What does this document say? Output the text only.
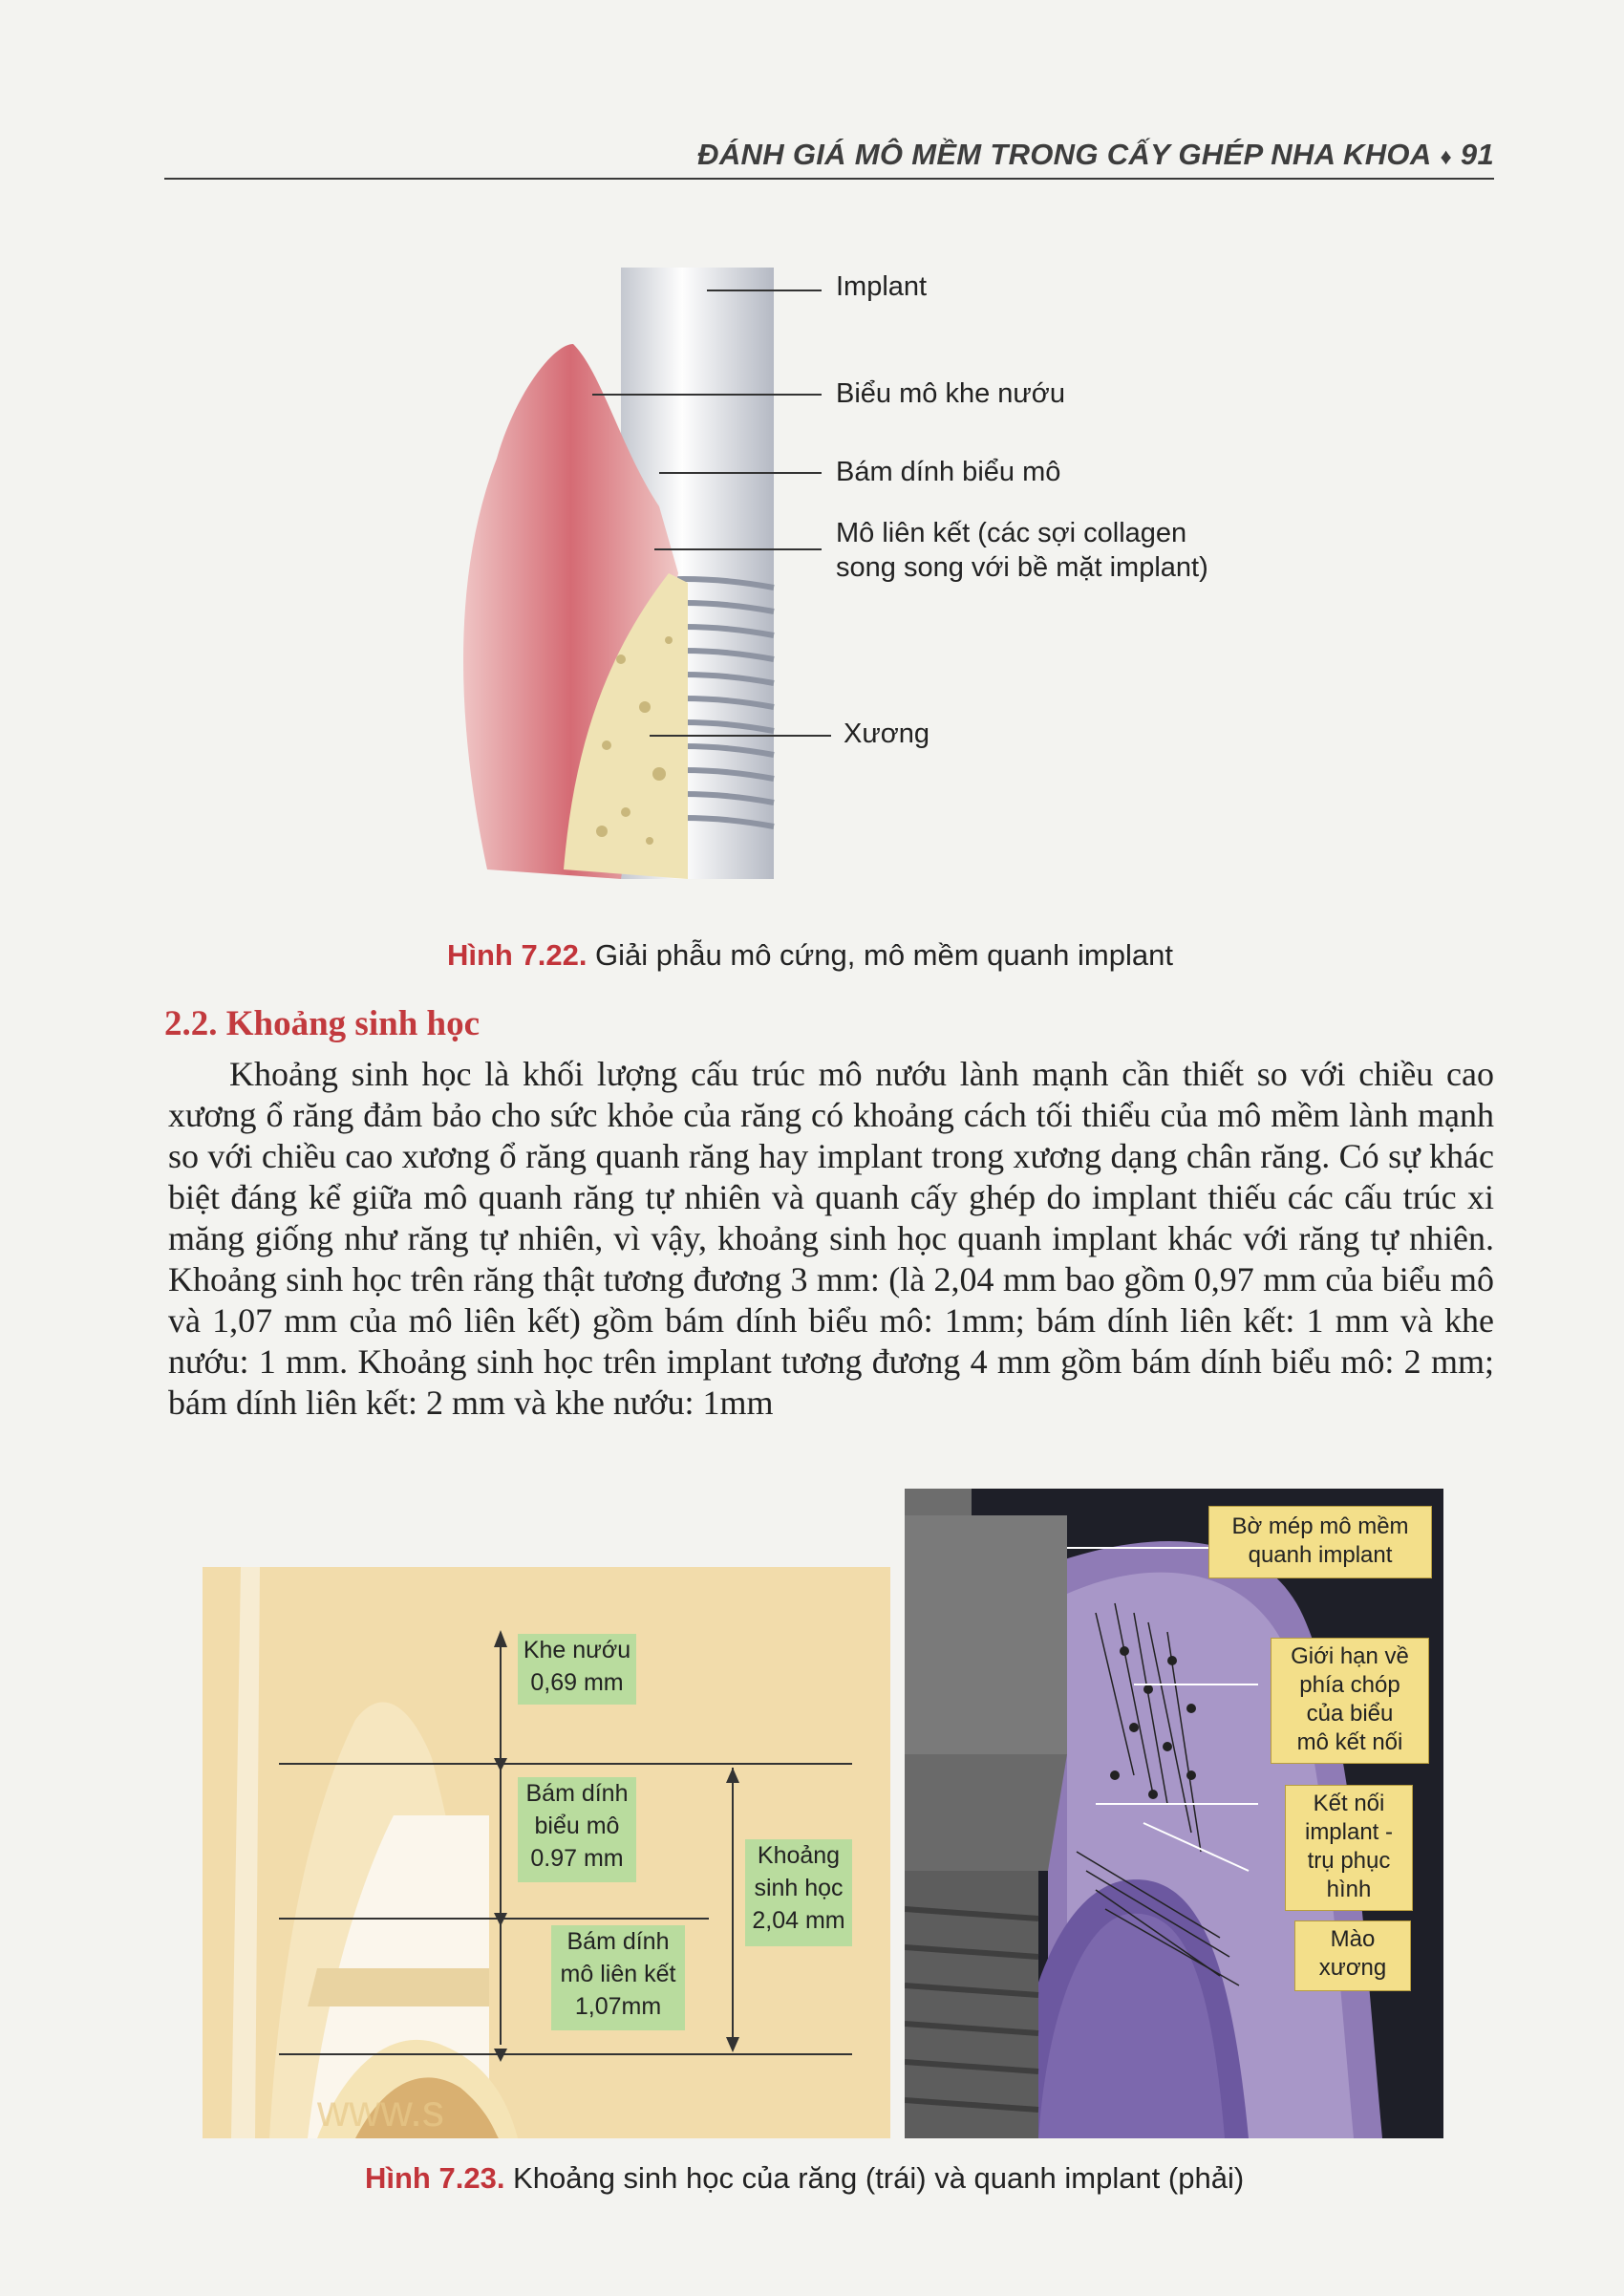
ĐÁNH GIÁ MÔ MỀM TRONG CẤY GHÉP NHA KHOA ♦ 91
Implant
Biểu mô khe nướu
Bám dính biểu mô
Mô liên kết (các sợi collagen
song song với bề mặt implant)
Xương
Hình 7.22. Giải phẫu mô cứng, mô mềm quanh implant
2.2. Khoảng sinh học

Khoảng sinh học là khối lượng cấu trúc mô nướu lành mạnh cần thiết so với chiều cao xương ổ răng đảm bảo cho sức khỏe của răng có khoảng cách tối thiểu của mô mềm lành mạnh so với chiều cao xương ổ răng quanh răng hay implant trong xương dạng chân răng. Có sự khác biệt đáng kể giữa mô quanh răng tự nhiên và quanh cấy ghép do implant thiếu các cấu trúc xi măng giống như răng tự nhiên, vì vậy, khoảng sinh học quanh implant khác với răng tự nhiên. Khoảng sinh học trên răng thật tương đương 3 mm: (là 2,04 mm bao gồm 0,97 mm của biểu mô và 1,07 mm của mô liên kết) gồm bám dính biểu mô: 1mm; bám dính liên kết: 1 mm và khe nướu: 1 mm. Khoảng sinh học trên implant tương đương 4 mm gồm bám dính biểu mô: 2 mm; bám dính liên kết: 2 mm và khe nướu: 1mm

www.s
Khe nướu
0,69 mm
Bám dính
biểu mô
0.97 mm
Bám dính
mô liên kết
1,07mm
Khoảng
sinh học
2,04 mm
Bờ mép mô mềm
quanh implant
Giới hạn về
phía chóp
của biểu
mô kết nối
Kết nối
implant -
trụ phục
hình
Mào
xương
Hình 7.23. Khoảng sinh học của răng (trái) và quanh implant (phải)
